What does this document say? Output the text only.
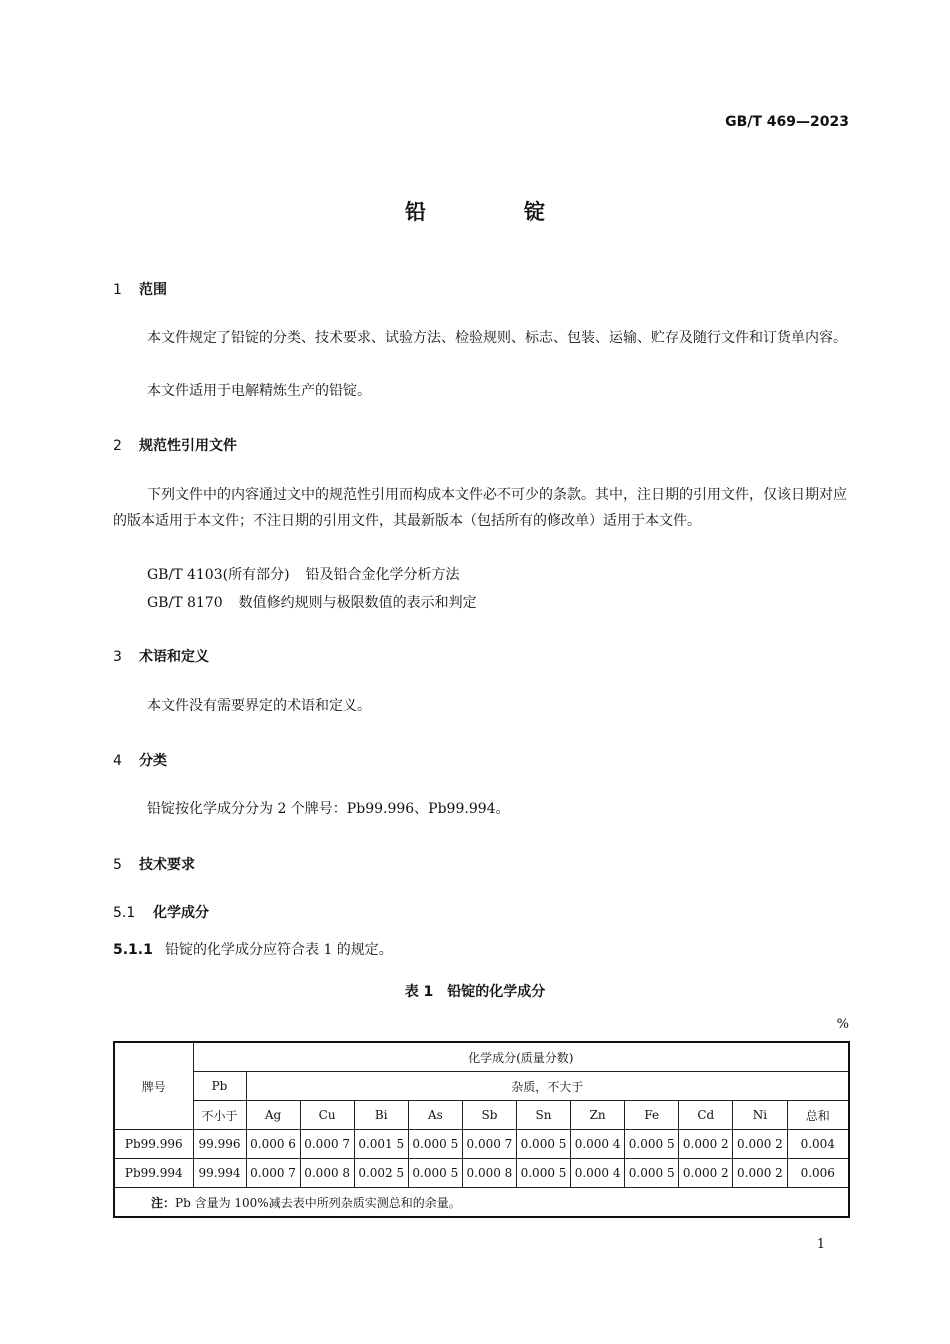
GB/T 469—2023
铅	锭
1 范围
本文件规定了铅锭的分类、技术要求、试验方法、检验规则、标志、包装、运输、贮存及随行文件和订货单内容。
本文件适用于电解精炼生产的铅锭。
2 规范性引用文件
下列文件中的内容通过文中的规范性引用而构成本文件必不可少的条款。其中，注日期的引用文件，仅该日期对应的版本适用于本文件；不注日期的引用文件，其最新版本（包括所有的修改单）适用于本文件。
GB/T 4103(所有部分) 铅及铅合金化学分析方法
GB/T 8170 数值修约规则与极限数值的表示和判定
3 术语和定义
本文件没有需要界定的术语和定义。
4 分类
铅锭按化学成分分为 2 个牌号：Pb99.996、Pb99.994。
5 技术要求
5.1 化学成分
5.1.1 铅锭的化学成分应符合表 1 的规定。
表 1　铅锭的化学成分
%
牌号	化学成分(质量分数)											
	Pb	杂质，不大于										
	不小于	Ag	Cu	Bi	As	Sb	Sn	Zn	Fe	Cd	Ni	总和
Pb99.996	99.996	0.000 6	0.000 7	0.001 5	0.000 5	0.000 7	0.000 5	0.000 4	0.000 5	0.000 2	0.000 2	0.004
Pb99.994	99.994	0.000 7	0.000 8	0.002 5	0.000 5	0.000 8	0.000 5	0.000 4	0.000 5	0.000 2	0.000 2	0.006
注：Pb 含量为 100%减去表中所列杂质实测总和的余量。												
1
